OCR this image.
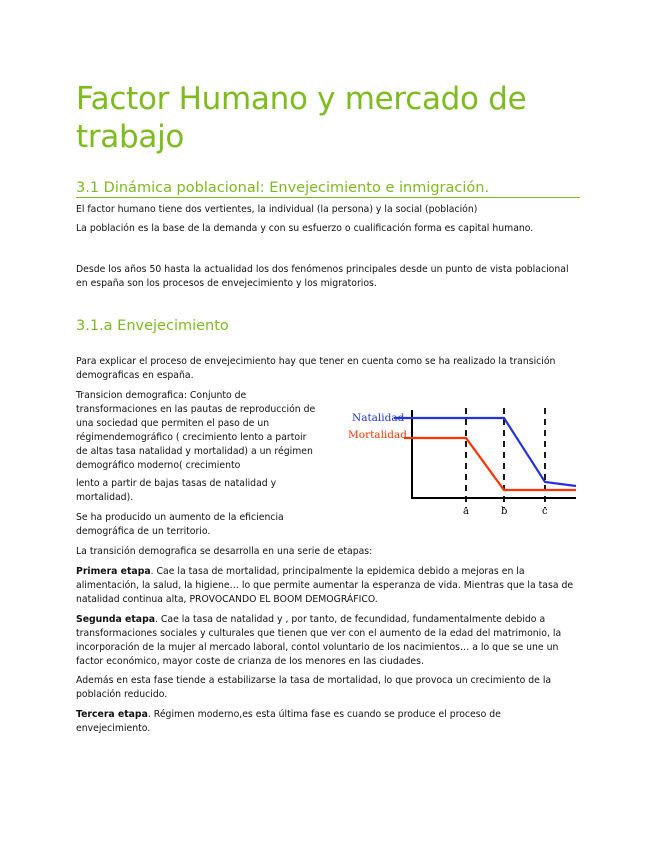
Factor Humano y mercado de trabajo
3.1 Dinámica poblacional: Envejecimiento e inmigración.

El factor humano tiene dos vertientes, la individual (la persona) y la social (población)

La población es la base de la demanda y con su esfuerzo o cualificación forma es capital humano.

Desde los años 50 hasta la actualidad los dos fenómenos principales desde un punto de vista poblacional en españa son los procesos de envejecimiento y los migratorios.

3.1.a Envejecimiento

Para explicar el proceso de envejecimiento hay que tener en cuenta como se ha realizado la transición demograficas en españa.

Transicion demografica: Conjunto de transformaciones en las pautas de reproducción de una sociedad que permiten el paso de un régimendemográfico ( crecimiento lento a partoir de altas tasa natalidad y mortalidad) a un régimen demográfico moderno( crecimiento

lento a partir de bajas tasas de natalidad y mortalidad).

Se ha producido un aumento de la eficiencia demográfica de un territorio.

La transición demografica se desarrolla en una serie de etapas:

Primera etapa. Cae la tasa de mortalidad, principalmente la epidemica debido a mejoras en la alimentación, la salud, la higiene… lo que permite aumentar la esperanza de vida. Mientras que la tasa de natalidad continua alta, PROVOCANDO EL BOOM DEMOGRÁFICO.

Segunda etapa. Cae la tasa de natalidad y , por tanto, de fecundidad, fundamentalmente debido a transformaciones sociales y culturales que tienen que ver con el aumento de la edad del matrimonio, la incorporación de la mujer al mercado laboral, contol voluntario de los nacimientos… a lo que se une un factor económico, mayor coste de crianza de los menores en las ciudades.

Además en esta fase tiende a estabilizarse la tasa de mortalidad, lo que provoca un crecimiento de la población reducido.

Tercera etapa. Régimen moderno,es esta última fase es cuando se produce el proceso de envejecimiento.

Natalidad
Mortalidad
a	b	c
